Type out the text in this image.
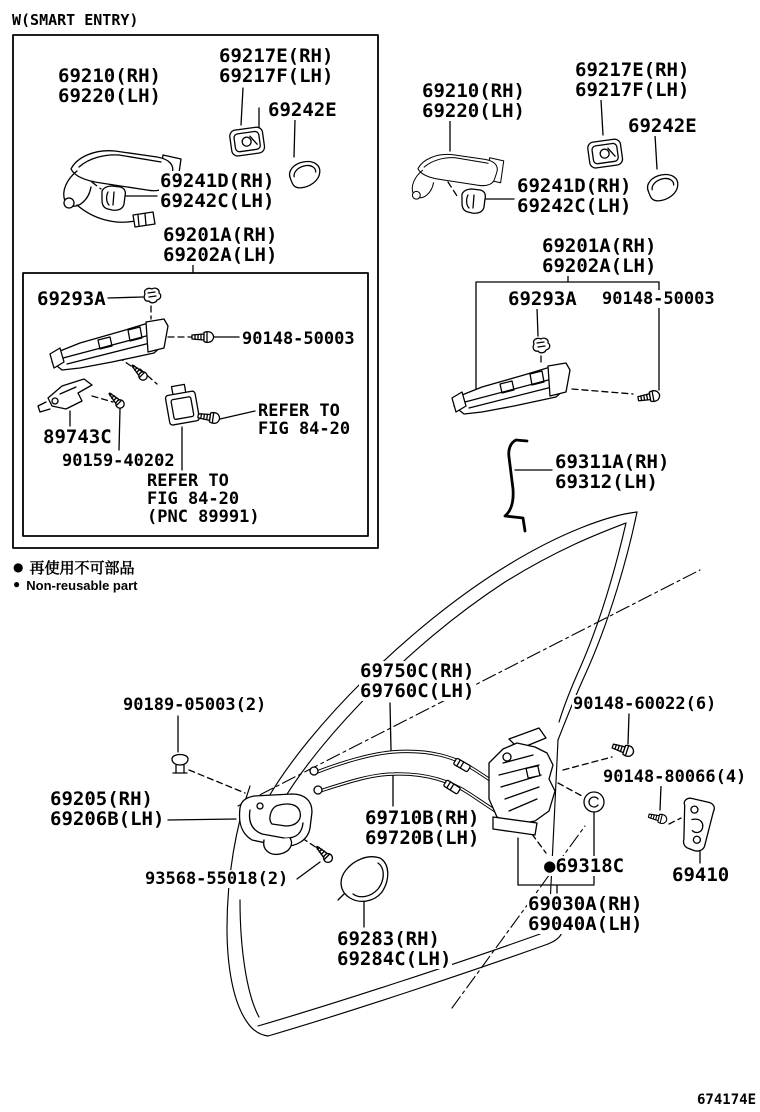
W(SMART ENTRY)
69210(RH)
69220(LH)
69217E(RH)
69217F(LH)
69242E
69241D(RH)
69242C(LH)
69201A(RH)
69202A(LH)
69293A
90148-50003
89743C
90159-40202
REFER TO
FIG 84-20
REFER TO
FIG 84-20
(PNC 89991)
● 再使用不可部品
● Non-reusable part
69210(RH)
69220(LH)
69217E(RH)
69217F(LH)
69242E
69241D(RH)
69242C(LH)
69201A(RH)
69202A(LH)
69293A 90148-50003
69311A(RH)
69312(LH)
90189-05003(2)
69205(RH)
69206B(LH)
93568-55018(2)
69283(RH)
69284C(LH)
69750C(RH)
69760C(LH)
69710B(RH)
69720B(LH)
90148-60022(6)
90148-80066(4)
●69318C	69410
69030A(RH)
69040A(LH)
674174E
